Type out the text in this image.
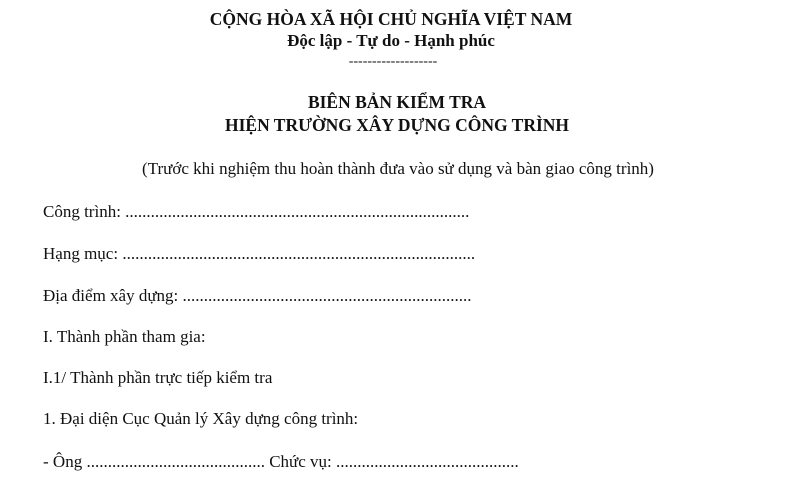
CỘNG HÒA XÃ HỘI CHỦ NGHĨA VIỆT NAM
Độc lập - Tự do - Hạnh phúc
-------------------
BIÊN BẢN KIỂM TRA
HIỆN TRƯỜNG XÂY DỰNG CÔNG TRÌNH
(Trước khi nghiệm thu hoàn thành đưa vào sử dụng và bàn giao công trình)
Công trình: .................................................................................
Hạng mục: ...................................................................................
Địa điểm xây dựng: ....................................................................
I. Thành phần tham gia:
I.1/ Thành phần trực tiếp kiểm tra
1. Đại diện Cục Quản lý Xây dựng công trình:
- Ông .......................................... Chức vụ: ...........................................
